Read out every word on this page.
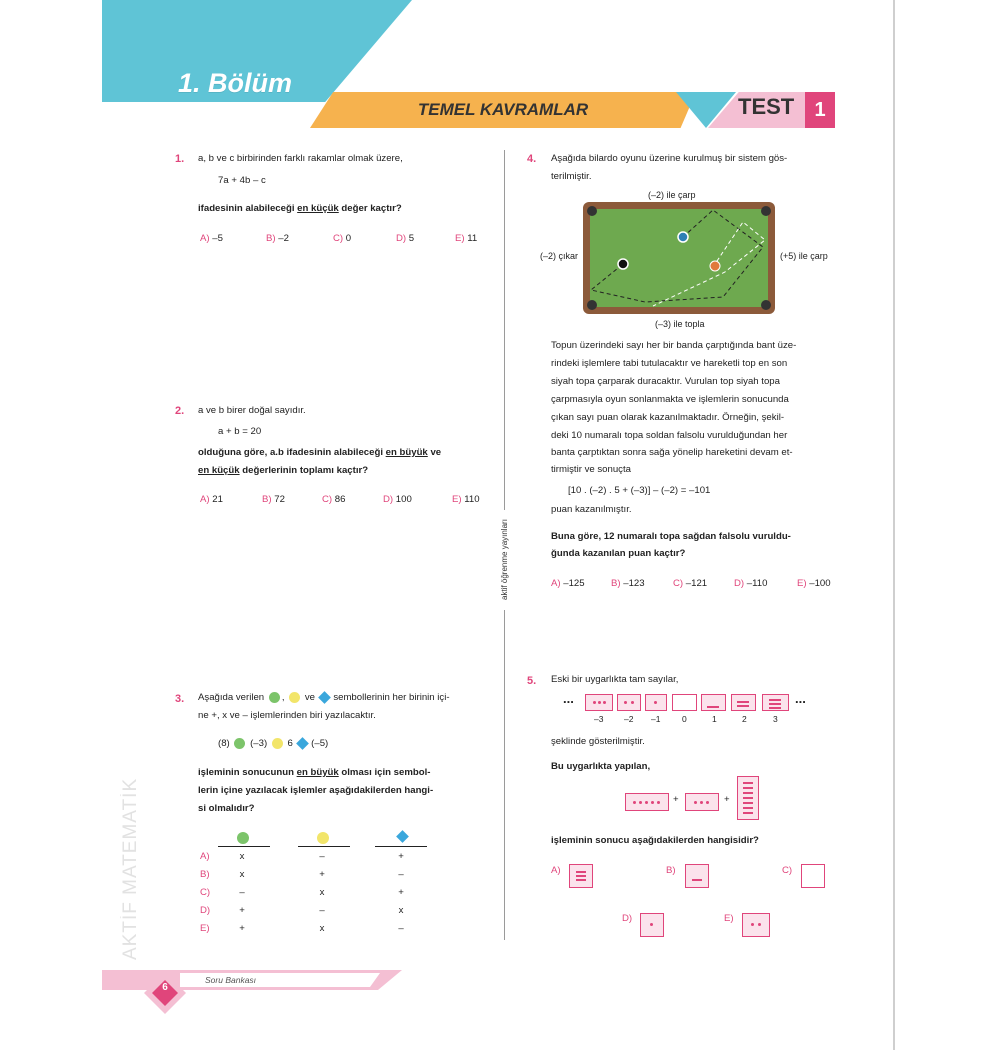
1. Bölüm
TEMEL KAVRAMLAR	TEST	1
aktif öğrenme yayınları
1. a, b ve c birbirinden farklı rakamlar olmak üzere,
7a + 4b – c
ifadesinin alabileceği en küçük değer kaçtır?
A) –5	B) –2	C) 0	D) 5	E) 11
2. a ve b birer doğal sayıdır.
a + b = 20
olduğuna göre, a.b ifadesinin alabileceği en büyük ve
en küçük değerlerinin toplamı kaçtır?
A) 21	B) 72	C) 86	D) 100	E) 110
3. Aşağıda verilen ,  ve sembollerinin her birinin içi-
ne +, x ve – işlemlerinden biri yazılacaktır.
(8) (–3) 6 (–5)
işleminin sonucunun en büyük olması için sembol-
lerin içine yazılacak işlemler aşağıdakilerden hangi-
si olmalıdır?
A)	x	–	+
B)	x	+	–
C)	–	x	+
D)	+	–	x
E)	+	x	–
4. Aşağıda bilardo oyunu üzerine kurulmuş bir sistem gös-
terilmiştir.
(–2) ile çarp
(–2) çıkar	(+5) ile çarp
(–3) ile topla
Topun üzerindeki sayı her bir banda çarptığında bant üze-
rindeki işlemlere tabi tutulacaktır ve hareketli top en son
siyah topa çarparak duracaktır. Vurulan top siyah topa
çarpmasıyla oyun sonlanmakta ve işlemlerin sonucunda
çıkan sayı puan olarak kazanılmaktadır. Örneğin, şekil-
deki 10 numaralı topa soldan falsolu vurulduğundan her
banta çarptıktan sonra sağa yönelip hareketini devam et-
tirmiştir ve sonuçta
[10 . (–2) . 5 + (–3)] – (–2) = –101
puan kazanılmıştır.
Buna göre, 12 numaralı topa sağdan falsolu vuruldu-
ğunda kazanılan puan kaçtır?
A) –125	B) –123	C) –121	D) –110	E) –100
5. Eski bir uygarlıkta tam sayılar,
...	...
–3 –2 –1	0	1	2	3
şeklinde gösterilmiştir.
Bu uygarlıkta yapılan,
+	+
işleminin sonucu aşağıdakilerden hangisidir?
A)	B)	C)
D)	E)
AKTİF MATEMATİK
Soru Bankası
6
